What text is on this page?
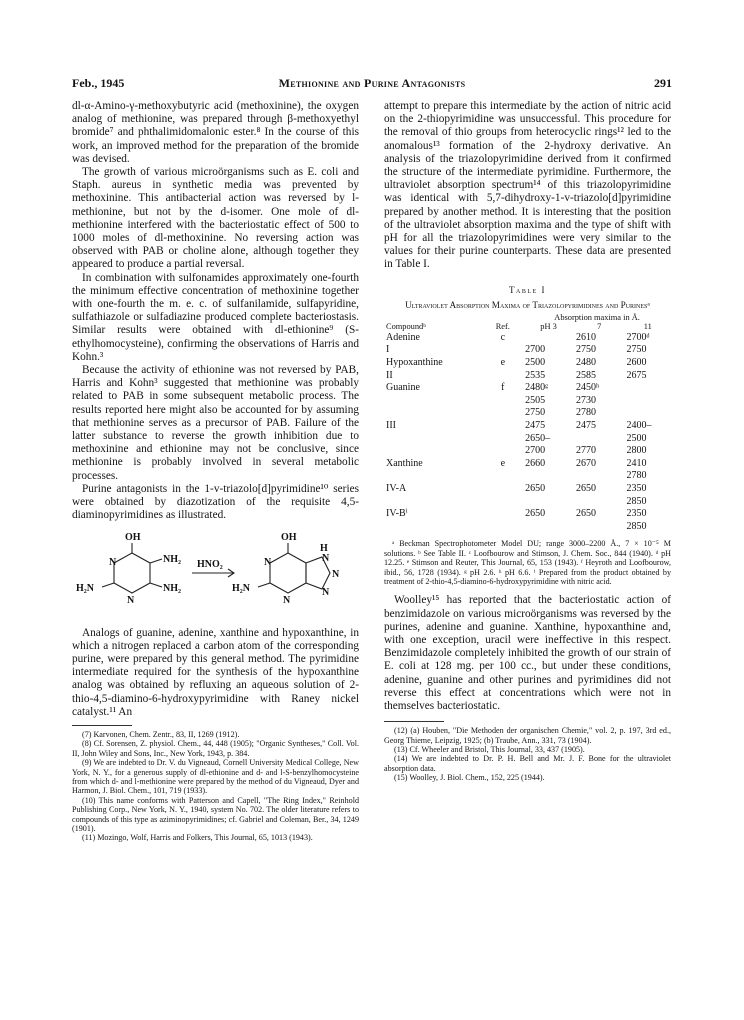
Feb., 1945	Methionine and Purine Antagonists	291

dl-α-Amino-γ-methoxybutyric acid (methoxinine), the oxygen analog of methionine, was prepared through β-methoxyethyl bromide⁷ and phthalimidomalonic ester.⁸ In the course of this work, an improved method for the preparation of the bromide was devised.

The growth of various microörganisms such as E. coli and Staph. aureus in synthetic media was prevented by methoxinine. This antibacterial action was reversed by l-methionine, but not by the d-isomer. One mole of dl-methionine interfered with the bacteriostatic effect of 500 to 1000 moles of dl-methoxinine. No reversing action was observed with PAB or choline alone, although together they appeared to produce a partial reversal.

In combination with sulfonamides approximately one-fourth the minimum effective concentration of methoxinine together with one-fourth the m. e. c. of sulfanilamide, sulfapyridine, sulfathiazole or sulfadiazine produced complete bacteriostasis. Similar results were obtained with dl-ethionine⁹ (S-ethylhomocysteine), confirming the observations of Harris and Kohn.³

Because the activity of ethionine was not reversed by PAB, Harris and Kohn³ suggested that methionine was probably related to PAB in some subsequent metabolic process. The results reported here might also be accounted for by assuming that methionine serves as a precursor of PAB. Failure of the latter substance to reverse the growth inhibition due to methoxinine and ethionine may not be conclusive, since methionine is probably involved in several metabolic processes.

Purine antagonists in the 1-v-triazolo[d]pyrimidine¹⁰ series were obtained by diazotization of the requisite 4,5-diaminopyrimidines as illustrated.

OH	OH
N
N
NH₂
NH₂
H₂N
HNO₂	N
N
H₂N
H
N
N
N

Analogs of guanine, adenine, xanthine and hypoxanthine, in which a nitrogen replaced a carbon atom of the corresponding purine, were prepared by this general method. The pyrimidine intermediate required for the synthesis of the hypoxanthine analog was obtained by refluxing an aqueous solution of 2-thio-4,5-diamino-6-hydroxypyrimidine with Raney nickel catalyst.¹¹ An

(7) Karvonen, Chem. Zentr., 83, II, 1269 (1912).

(8) Cf. Sorensen, Z. physiol. Chem., 44, 448 (1905); "Organic Syntheses," Coll. Vol. II, John Wiley and Sons, Inc., New York, 1943, p. 384.

(9) We are indebted to Dr. V. du Vigneaud, Cornell University Medical College, New York, N. Y., for a generous supply of dl-ethionine and d- and l-S-benzylhomocysteine from which d- and l-methionine were prepared by the method of du Vigneaud, Dyer and Harmon, J. Biol. Chem., 101, 719 (1933).

(10) This name conforms with Patterson and Capell, "The Ring Index," Reinhold Publishing Corp., New York, N. Y., 1940, system No. 702. The older literature refers to compounds of this type as aziminopyrimidines; cf. Gabriel and Coleman, Ber., 34, 1249 (1901).

(11) Mozingo, Wolf, Harris and Folkers, This Journal, 65, 1013 (1943).

attempt to prepare this intermediate by the action of nitric acid on the 2-thiopyrimidine was unsuccessful. This procedure for the removal of thio groups from heterocyclic rings¹² led to the anomalous¹³ formation of the 2-hydroxy derivative. An analysis of the triazolopyrimidine derived from it confirmed the structure of the intermediate pyrimidine. Furthermore, the ultraviolet absorption spectrum¹⁴ of this triazolopyrimidine was identical with 5,7-dihydroxy-1-v-triazolo[d]pyrimidine prepared by another method. It is interesting that the position of the ultraviolet absorption maxima and the type of shift with pH for all the triazolopyrimidines were very similar to the values for their purine counterparts. These data are presented in Table I.

Table I
Ultraviolet Absorption Maxima of Triazolopyrimidines and Purinesᵃ
Compoundᵇ	Ref.	Absorption maxima in Å.		
		pH 3	7	11
Adenine	c		2610	2700ᵈ
I		2700	2750	2750
Hypoxanthine	e	2500	2480	2600
II		2535	2585	2675
Guanine	f	2480ᵍ	2450ʰ	
		2505	2730	
		2750	2780	
III		2475	2475	2400–
		2650–		2500
		2700	2770	2800
Xanthine	e	2660	2670	2410
				2780
IV-A		2650	2650	2350
				2850
IV-Bⁱ		2650	2650	2350
				2850
ᵃ Beckman Spectrophotometer Model DU; range 3000–2200 Å., 7 × 10⁻⁵ M solutions. ᵇ See Table II. ᶜ Loofbourow and Stimson, J. Chem. Soc., 844 (1940). ᵈ pH 12.25. ᵉ Stimson and Reuter, This Journal, 65, 153 (1943). ᶠ Heyroth and Loofbourow, ibid., 56, 1728 (1934). ᵍ pH 2.6. ʰ pH 6.6. ⁱ Prepared from the product obtained by treatment of 2-thio-4,5-diamino-6-hydroxypyrimidine with nitric acid.

Woolley¹⁵ has reported that the bacteriostatic action of benzimidazole on various microörganisms was reversed by the purines, adenine and guanine. Xanthine, hypoxanthine and, with one exception, uracil were ineffective in this respect. Benzimidazole completely inhibited the growth of our strain of E. coli at 128 mg. per 100 cc., but under these conditions, adenine, guanine and other purines and pyrimidines did not reverse this effect at concentrations which were not in themselves bacteriostatic.

(12) (a) Houben, "Die Methoden der organischen Chemie," vol. 2, p. 197, 3rd ed., Georg Thieme, Leipzig, 1925; (b) Traube, Ann., 331, 73 (1904).

(13) Cf. Wheeler and Bristol, This Journal, 33, 437 (1905).

(14) We are indebted to Dr. P. H. Bell and Mr. J. F. Bone for the ultraviolet absorption data.

(15) Woolley, J. Biol. Chem., 152, 225 (1944).
